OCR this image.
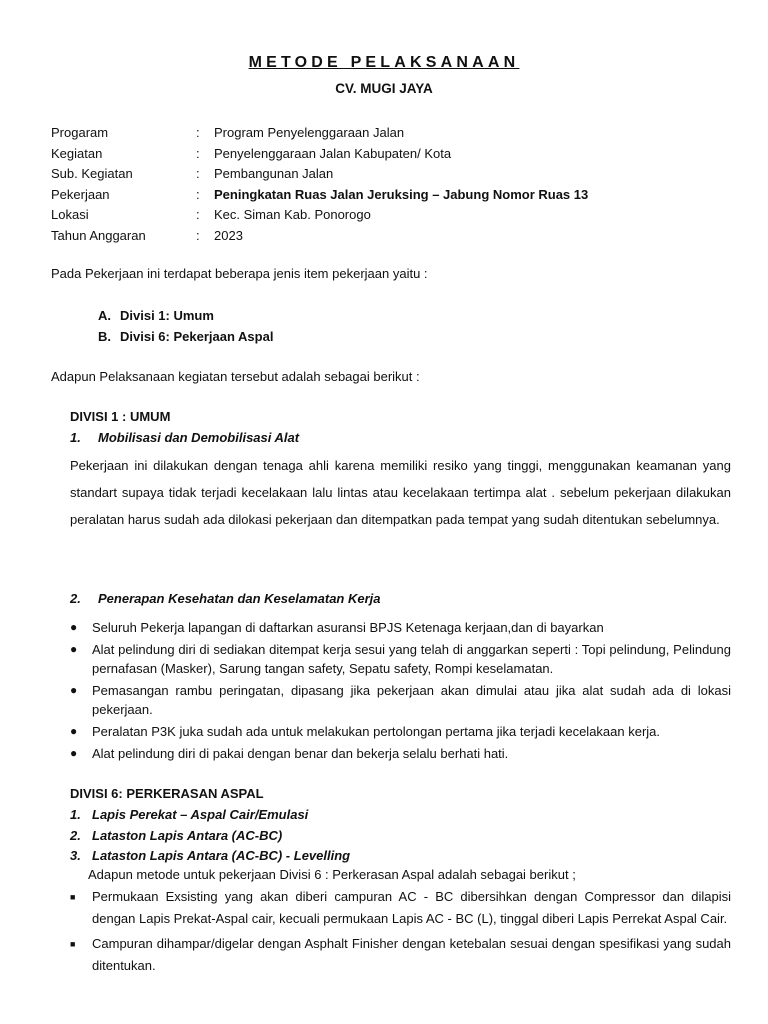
METODE PELAKSANAAN
CV. MUGI JAYA
Progaram	:	Program Penyelenggaraan Jalan
Kegiatan	:	Penyelenggaraan Jalan Kabupaten/ Kota
Sub. Kegiatan	:	Pembangunan Jalan
Pekerjaan	:	Peningkatan Ruas Jalan Jeruksing – Jabung Nomor Ruas 13
Lokasi	:	Kec. Siman Kab. Ponorogo
Tahun Anggaran	:	2023
Pada Pekerjaan ini terdapat beberapa jenis item pekerjaan yaitu :
A. Divisi 1: Umum
B. Divisi 6: Pekerjaan Aspal
Adapun Pelaksanaan kegiatan tersebut adalah sebagai berikut :
DIVISI 1 : UMUM
1.	Mobilisasi dan Demobilisasi Alat
Pekerjaan ini dilakukan dengan tenaga ahli karena memiliki resiko yang tinggi, menggunakan keamanan yang standart supaya tidak terjadi kecelakaan lalu lintas atau kecelakaan tertimpa alat . sebelum pekerjaan dilakukan peralatan harus sudah ada dilokasi pekerjaan dan ditempatkan pada tempat yang sudah ditentukan sebelumnya.
2.	Penerapan Kesehatan dan Keselamatan Kerja
●	Seluruh Pekerja lapangan di daftarkan asuransi BPJS Ketenaga kerjaan,dan di bayarkan
●	Alat pelindung diri di sediakan ditempat kerja sesui yang telah di anggarkan seperti : Topi pelindung, Pelindung pernafasan (Masker), Sarung tangan safety, Sepatu safety, Rompi keselamatan.
●	Pemasangan rambu peringatan, dipasang jika pekerjaan akan dimulai atau jika alat sudah ada di lokasi pekerjaan.
●	Peralatan P3K juka sudah ada untuk melakukan pertolongan pertama jika terjadi kecelakaan kerja.
●	Alat pelindung diri di pakai dengan benar dan bekerja selalu berhati hati.
DIVISI 6: PERKERASAN ASPAL
1. Lapis Perekat – Aspal Cair/Emulasi
2. Lataston Lapis Antara (AC-BC)
3. Lataston Lapis Antara (AC-BC) - Levelling
Adapun metode untuk pekerjaan Divisi 6 : Perkerasan Aspal adalah sebagai berikut ;
■	Permukaan Exsisting yang akan diberi campuran AC - BC dibersihkan dengan Compressor dan dilapisi dengan Lapis Prekat-Aspal cair, kecuali permukaan Lapis AC - BC (L), tinggal diberi Lapis Perrekat Aspal Cair.
■	Campuran dihampar/digelar dengan Asphalt Finisher dengan ketebalan sesuai dengan spesifikasi yang sudah ditentukan.
